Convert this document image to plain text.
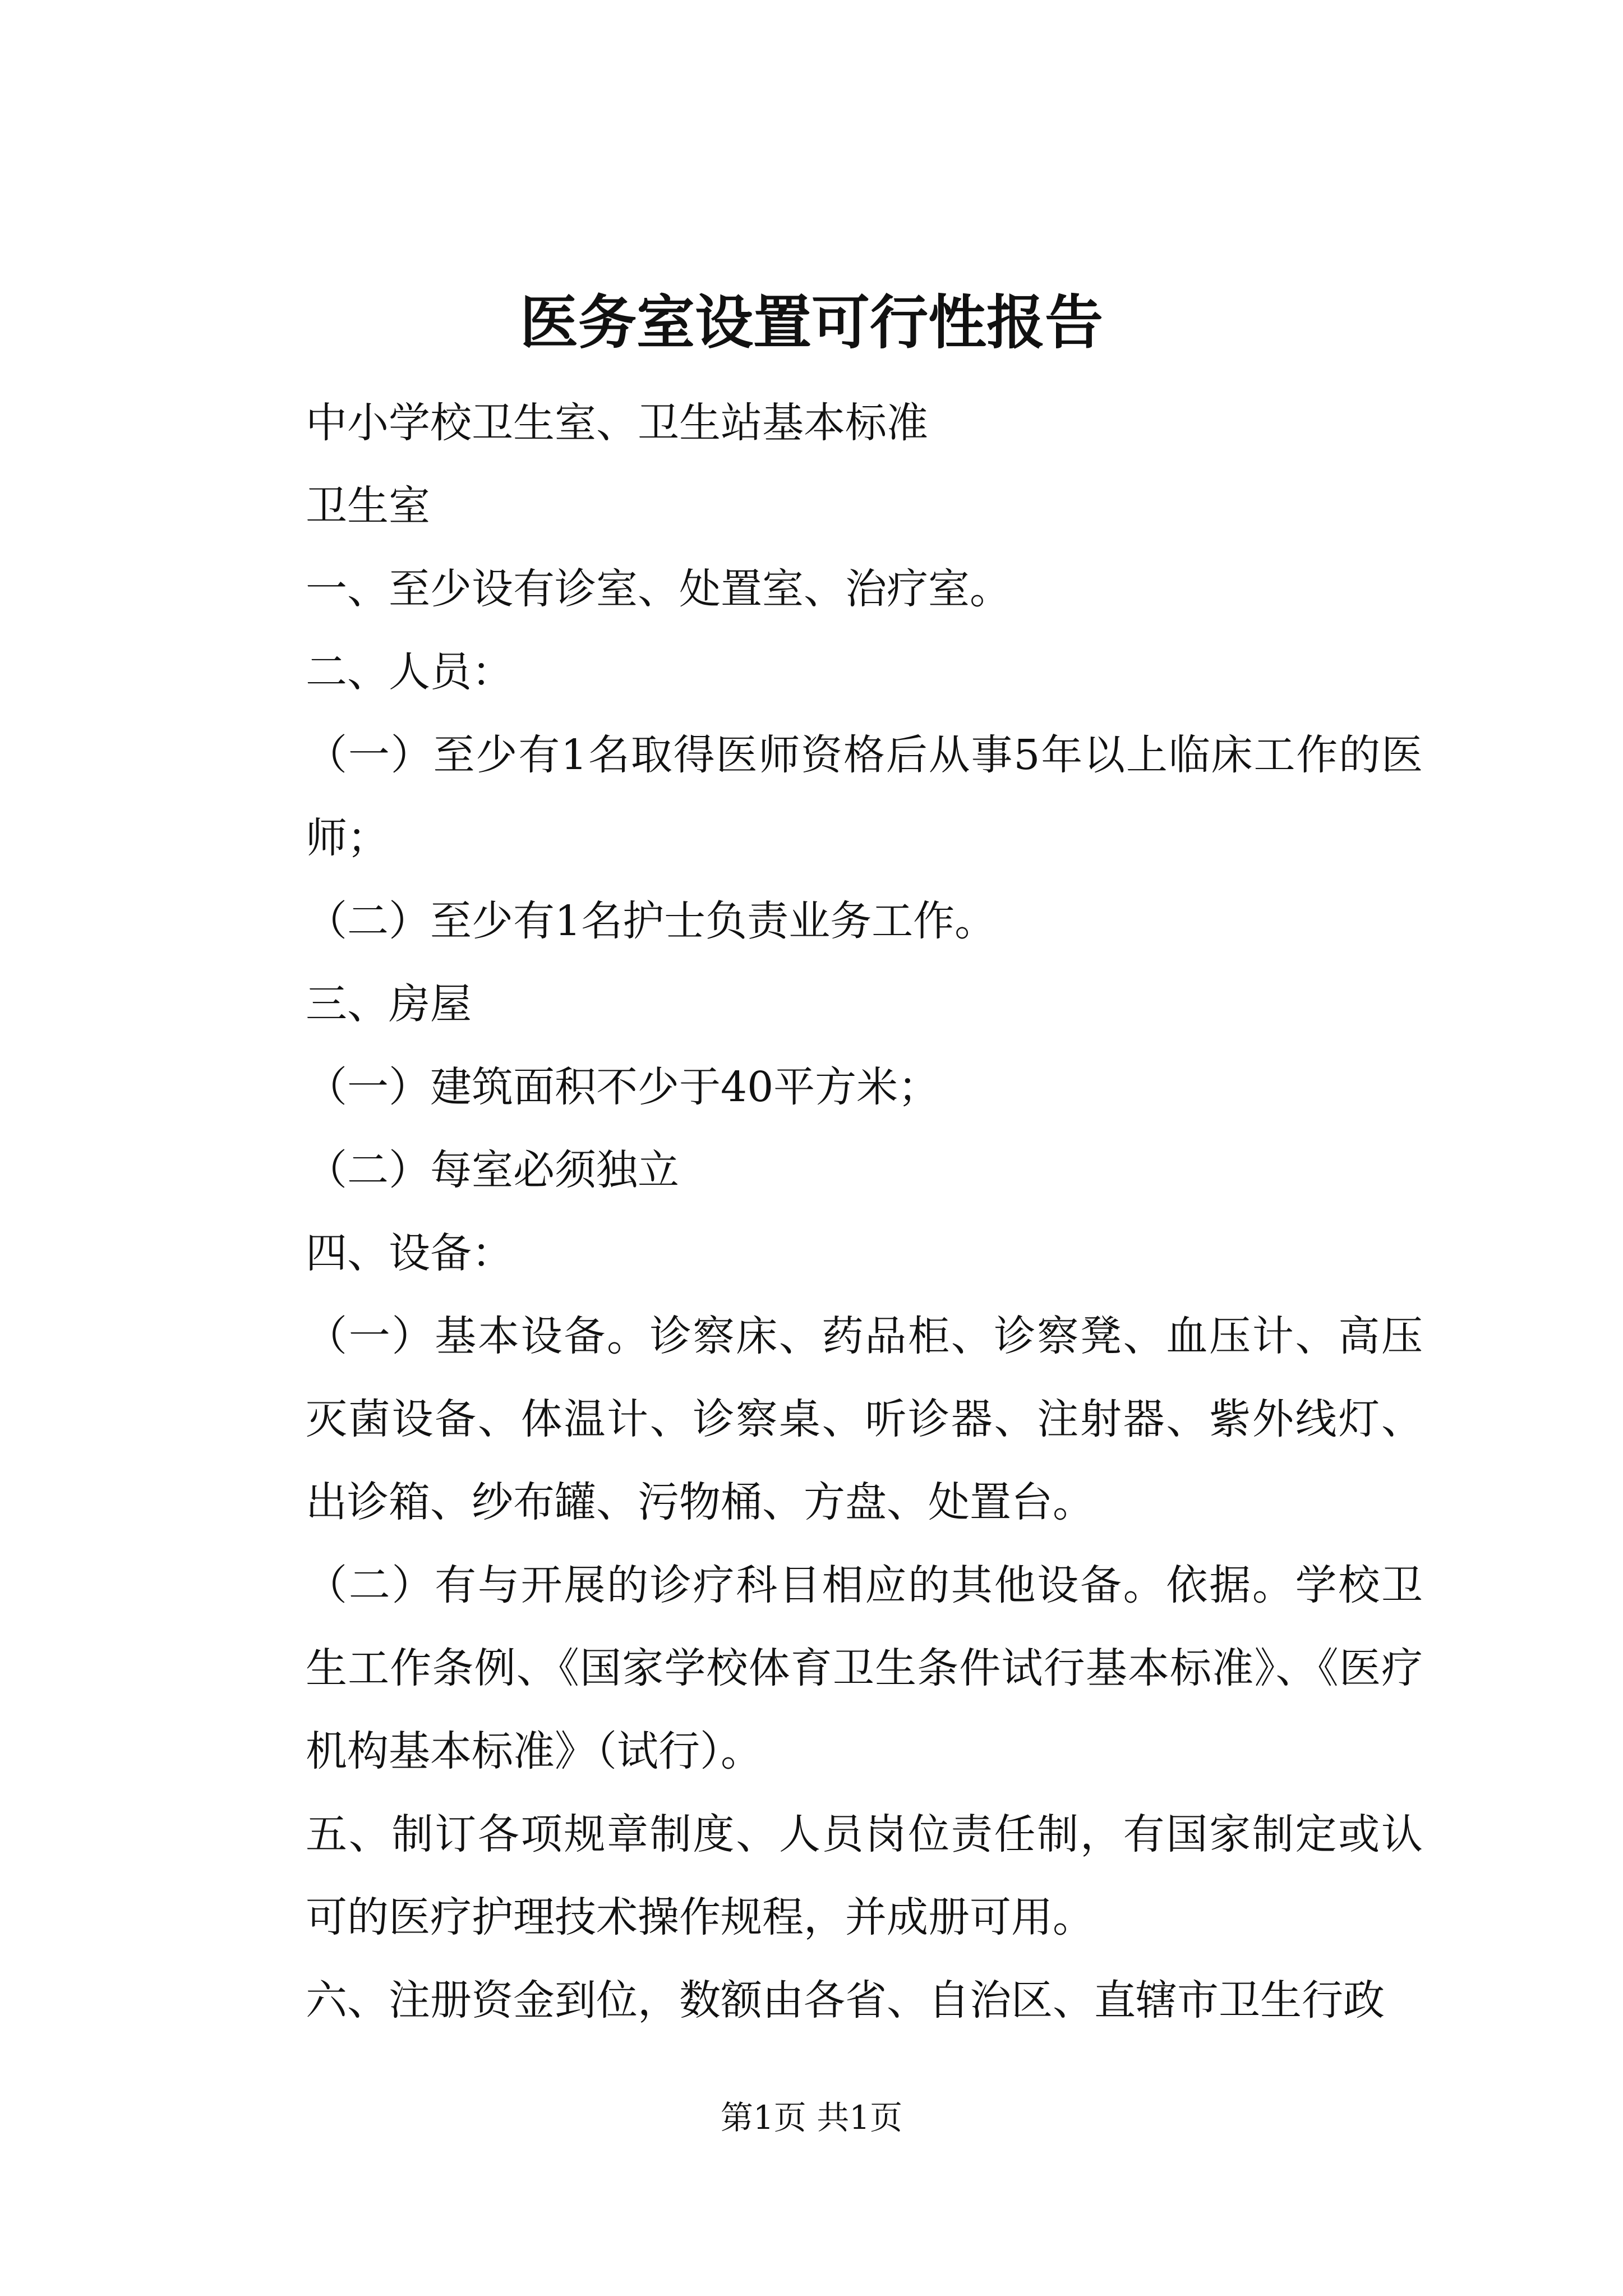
医务室设置可行性报告

中小学校卫生室、卫生站基本标准

卫生室

一、至少设有诊室、处置室、治疗室。

二、人员：

（一）至少有1名取得医师资格后从事5年以上临床工作的医师；

（二）至少有1名护士负责业务工作。

三、房屋

（一）建筑面积不少于40平方米；

（二）每室必须独立

四、设备：

（一）基本设备。诊察床、药品柜、诊察凳、血压计、高压灭菌设备、体温计、诊察桌、听诊器、注射器、紫外线灯、出诊箱、纱布罐、污物桶、方盘、处置台。

（二）有与开展的诊疗科目相应的其他设备。依据。学校卫生工作条例、《国家学校体育卫生条件试行基本标准》、《医疗机构基本标准》（试行）。

五、制订各项规章制度、人员岗位责任制，有国家制定或认可的医疗护理技术操作规程，并成册可用。

六、注册资金到位，数额由各省、自治区、直辖市卫生行政

第1页 共1页
